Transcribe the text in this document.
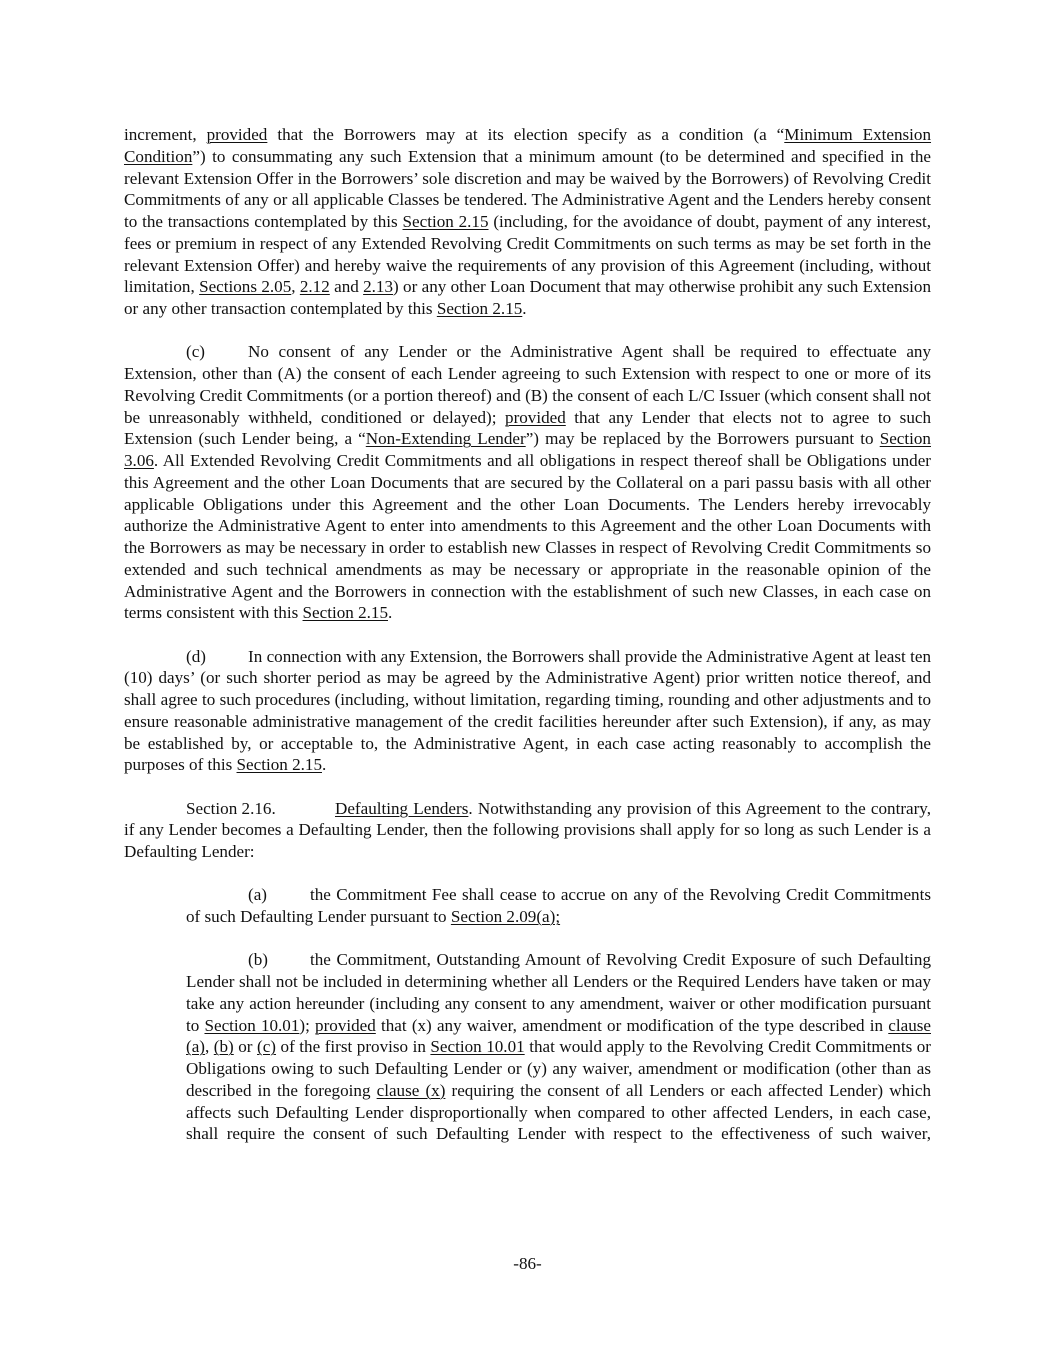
increment, provided that the Borrowers may at its election specify as a condition (a “Minimum Extension Condition”) to consummating any such Extension that a minimum amount (to be determined and specified in the relevant Extension Offer in the Borrowers’ sole discretion and may be waived by the Borrowers) of Revolving Credit Commitments of any or all applicable Classes be tendered. The Administrative Agent and the Lenders hereby consent to the transactions contemplated by this Section 2.15 (including, for the avoidance of doubt, payment of any interest, fees or premium in respect of any Extended Revolving Credit Commitments on such terms as may be set forth in the relevant Extension Offer) and hereby waive the requirements of any provision of this Agreement (including, without limitation, Sections 2.05, 2.12 and 2.13) or any other Loan Document that may otherwise prohibit any such Extension or any other transaction contemplated by this Section 2.15.

(c)	No consent of any Lender or the Administrative Agent shall be required to effectuate any Extension, other than (A) the consent of each Lender agreeing to such Extension with respect to one or more of its Revolving Credit Commitments (or a portion thereof) and (B) the consent of each L/C Issuer (which consent shall not be unreasonably withheld, conditioned or delayed); provided that any Lender that elects not to agree to such Extension (such Lender being, a “Non-Extending Lender”) may be replaced by the Borrowers pursuant to Section 3.06. All Extended Revolving Credit Commitments and all obligations in respect thereof shall be Obligations under this Agreement and the other Loan Documents that are secured by the Collateral on a pari passu basis with all other applicable Obligations under this Agreement and the other Loan Documents. The Lenders hereby irrevocably authorize the Administrative Agent to enter into amendments to this Agreement and the other Loan Documents with the Borrowers as may be necessary in order to establish new Classes in respect of Revolving Credit Commitments so extended and such technical amendments as may be necessary or appropriate in the reasonable opinion of the Administrative Agent and the Borrowers in connection with the establishment of such new Classes, in each case on terms consistent with this Section 2.15.

(d) In connection with any Extension, the Borrowers shall provide the Administrative Agent at least ten (10) days’ (or such shorter period as may be agreed by the Administrative Agent) prior written notice thereof, and shall agree to such procedures (including, without limitation, regarding timing, rounding and other adjustments and to ensure reasonable administrative management of the credit facilities hereunder after such Extension), if any, as may be established by, or acceptable to, the Administrative Agent, in each case acting reasonably to accomplish the purposes of this Section 2.15.

Section 2.16.	Defaulting Lenders. Notwithstanding any provision of this Agreement to the contrary, if any Lender becomes a Defaulting Lender, then the following provisions shall apply for so long as such Lender is a Defaulting Lender:

(a)	the Commitment Fee shall cease to accrue on any of the Revolving Credit Commitments of such Defaulting Lender pursuant to Section 2.09(a);

(b) the Commitment, Outstanding Amount of Revolving Credit Exposure of such Defaulting Lender shall not be included in determining whether all Lenders or the Required Lenders have taken or may take any action hereunder (including any consent to any amendment, waiver or other modification pursuant to Section 10.01); provided that (x) any waiver, amendment or modification of the type described in clause (a), (b) or (c) of the first proviso in Section 10.01 that would apply to the Revolving Credit Commitments or Obligations owing to such Defaulting Lender or (y) any waiver, amendment or modification (other than as described in the foregoing clause (x) requiring the consent of all Lenders or each affected Lender) which affects such Defaulting Lender disproportionally when compared to other affected Lenders, in each case, shall require the consent of such Defaulting Lender with respect to the effectiveness of such waiver,

-86-
